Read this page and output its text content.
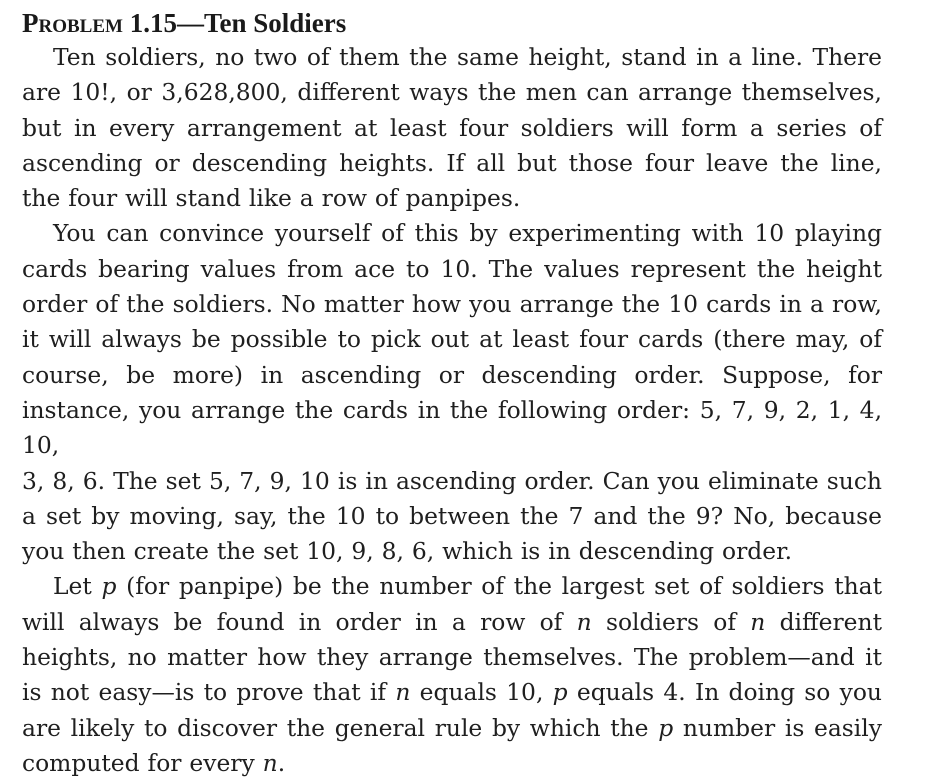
Problem 1.15—Ten Soldiers

Ten soldiers, no two of them the same height, stand in a line. There
are 10!, or 3,628,800, different ways the men can arrange themselves,
but in every arrangement at least four soldiers will form a series of
ascending or descending heights. If all but those four leave the line,
the four will stand like a row of panpipes.

You can convince yourself of this by experimenting with 10 playing
cards bearing values from ace to 10. The values represent the height
order of the soldiers. No matter how you arrange the 10 cards in a row,
it will always be possible to pick out at least four cards (there may, of
course, be more) in ascending or descending order. Suppose, for
instance, you arrange the cards in the following order: 5, 7, 9, 2, 1, 4, 10,
3, 8, 6. The set 5, 7, 9, 10 is in ascending order. Can you eliminate such
a set by moving, say, the 10 to between the 7 and the 9? No, because
you then create the set 10, 9, 8, 6, which is in descending order.

Let p (for panpipe) be the number of the largest set of soldiers that
will always be found in order in a row of n soldiers of n different
heights, no matter how they arrange themselves. The problem—and it
is not easy—is to prove that if n equals 10, p equals 4. In doing so you
are likely to discover the general rule by which the p number is easily
computed for every n.
